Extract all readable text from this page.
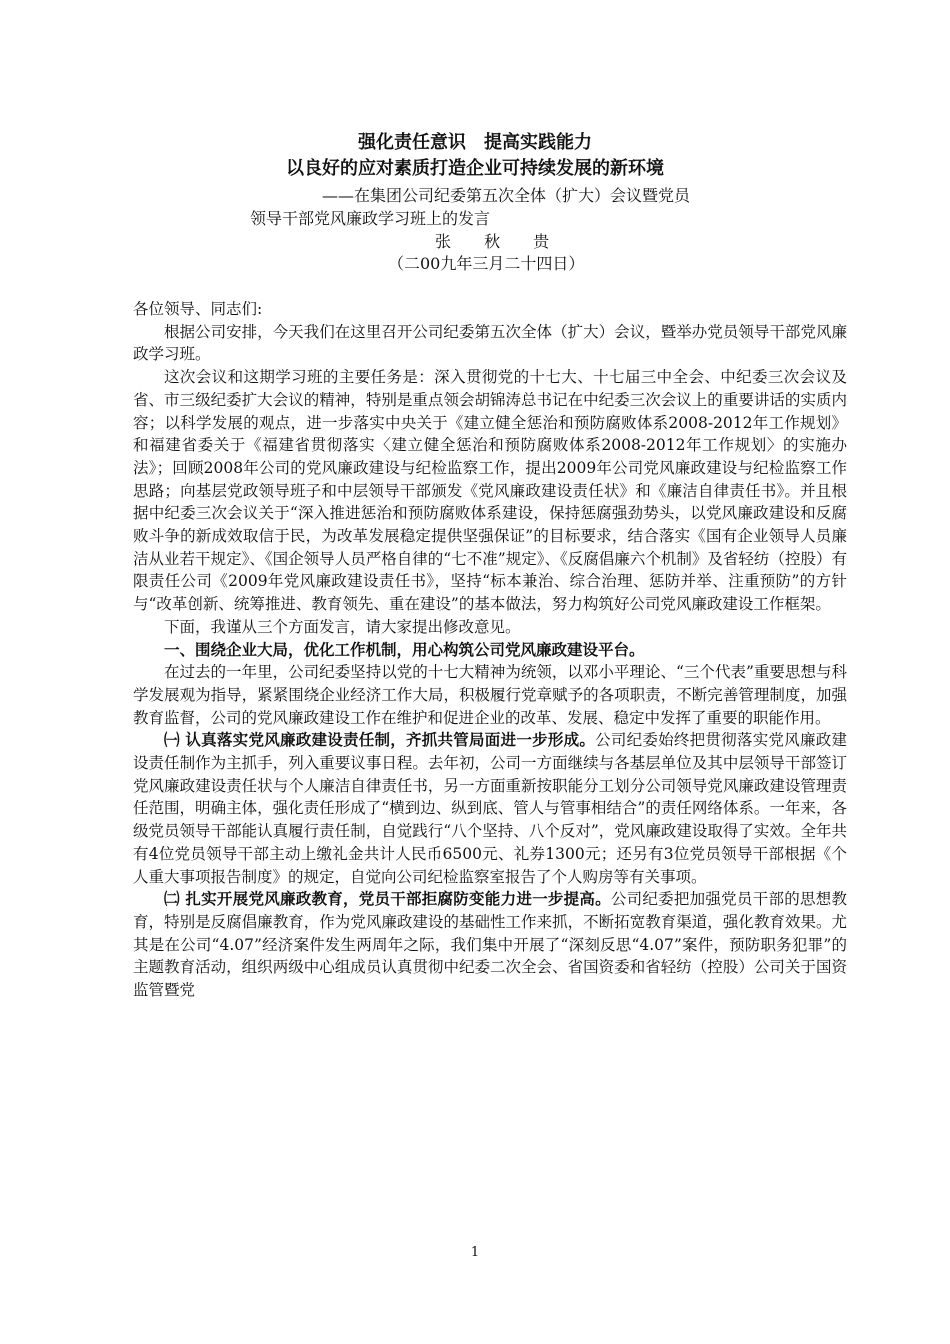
强化责任意识　提高实践能力
以良好的应对素质打造企业可持续发展的新环境
——在集团公司纪委第五次全体（扩大）会议暨党员
领导干部党风廉政学习班上的发言
张 秋 贵
（二00九年三月二十四日）

各位领导、同志们:

根据公司安排，今天我们在这里召开公司纪委第五次全体（扩大）会议，暨举办党员领导干部党风廉政学习班。

这次会议和这期学习班的主要任务是：深入贯彻党的十七大、十七届三中全会、中纪委三次会议及省、市三级纪委扩大会议的精神，特别是重点领会胡锦涛总书记在中纪委三次会议上的重要讲话的实质内容；以科学发展的观点，进一步落实中央关于《建立健全惩治和预防腐败体系2008-2012年工作规划》和福建省委关于《福建省贯彻落实〈建立健全惩治和预防腐败体系2008-2012年工作规划〉的实施办法》；回顾2008年公司的党风廉政建设与纪检监察工作，提出2009年公司党风廉政建设与纪检监察工作思路；向基层党政领导班子和中层领导干部颁发《党风廉政建设责任状》和《廉洁自律责任书》。并且根据中纪委三次会议关于“深入推进惩治和预防腐败体系建设，保持惩腐强劲势头，以党风廉政建设和反腐败斗争的新成效取信于民，为改革发展稳定提供坚强保证”的目标要求，结合落实《国有企业领导人员廉洁从业若干规定》、《国企领导人员严格自律的“七不准”规定》、《反腐倡廉六个机制》及省轻纺（控股）有限责任公司《2009年党风廉政建设责任书》，坚持“标本兼治、综合治理、惩防并举、注重预防”的方针与“改革创新、统筹推进、教育领先、重在建设”的基本做法，努力构筑好公司党风廉政建设工作框架。

下面，我谨从三个方面发言，请大家提出修改意见。

一、围绕企业大局，优化工作机制，用心构筑公司党风廉政建设平台。

在过去的一年里，公司纪委坚持以党的十七大精神为统领，以邓小平理论、“三个代表”重要思想与科学发展观为指导，紧紧围绕企业经济工作大局，积极履行党章赋予的各项职责，不断完善管理制度，加强教育监督，公司的党风廉政建设工作在维护和促进企业的改革、发展、稳定中发挥了重要的职能作用。

㈠ 认真落实党风廉政建设责任制，齐抓共管局面进一步形成。公司纪委始终把贯彻落实党风廉政建设责任制作为主抓手，列入重要议事日程。去年初，公司一方面继续与各基层单位及其中层领导干部签订党风廉政建设责任状与个人廉洁自律责任书，另一方面重新按职能分工划分公司领导党风廉政建设管理责任范围，明确主体，强化责任形成了“横到边、纵到底、管人与管事相结合”的责任网络体系。一年来，各级党员领导干部能认真履行责任制，自觉践行“八个坚持、八个反对”，党风廉政建设取得了实效。全年共有4位党员领导干部主动上缴礼金共计人民币6500元、礼券1300元；还另有3位党员领导干部根据《个人重大事项报告制度》的规定，自觉向公司纪检监察室报告了个人购房等有关事项。

㈡ 扎实开展党风廉政教育，党员干部拒腐防变能力进一步提高。公司纪委把加强党员干部的思想教育，特别是反腐倡廉教育，作为党风廉政建设的基础性工作来抓，不断拓宽教育渠道，强化教育效果。尤其是在公司“4.07”经济案件发生两周年之际，我们集中开展了“深刻反思“4.07”案件，预防职务犯罪”的主题教育活动，组织两级中心组成员认真贯彻中纪委二次全会、省国资委和省轻纺（控股）公司关于国资监管暨党

1
